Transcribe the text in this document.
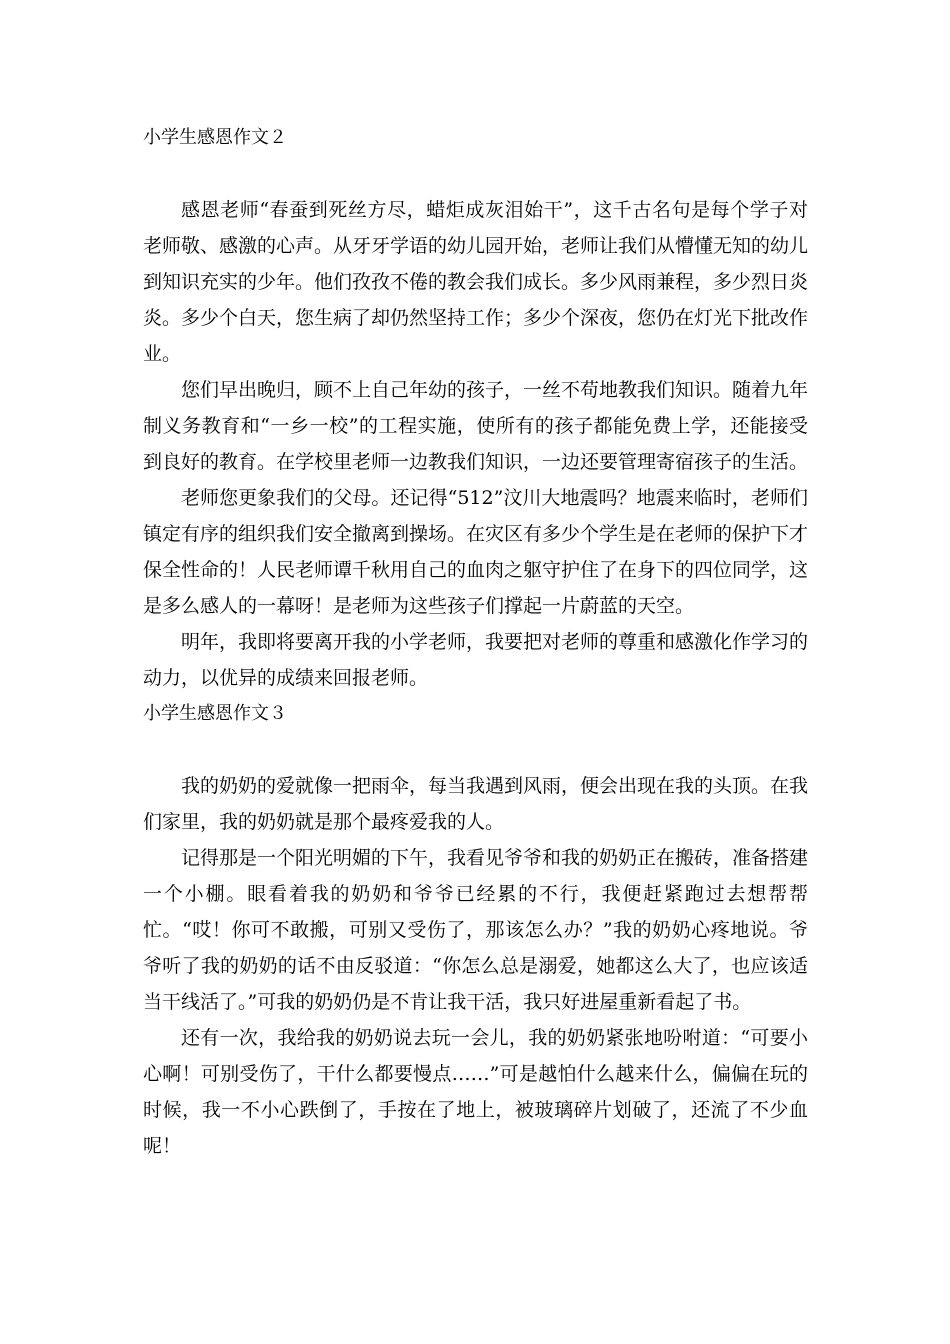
小学生感恩作文２

感恩老师“春蚕到死丝方尽，蜡炬成灰泪始干”，这千古名句是每个学子对老师敬、感激的心声。从牙牙学语的幼儿园开始，老师让我们从懵懂无知的幼儿到知识充实的少年。他们孜孜不倦的教会我们成长。多少风雨兼程，多少烈日炎炎。多少个白天，您生病了却仍然坚持工作；多少个深夜，您仍在灯光下批改作业。

您们早出晚归，顾不上自己年幼的孩子，一丝不苟地教我们知识。随着九年制义务教育和“一乡一校”的工程实施，使所有的孩子都能免费上学，还能接受到良好的教育。在学校里老师一边教我们知识，一边还要管理寄宿孩子的生活。

老师您更象我们的父母。还记得“512”汶川大地震吗？地震来临时，老师们镇定有序的组织我们安全撤离到操场。在灾区有多少个学生是在老师的保护下才保全性命的！人民老师谭千秋用自己的血肉之躯守护住了在身下的四位同学，这是多么感人的一幕呀！是老师为这些孩子们撑起一片蔚蓝的天空。

明年，我即将要离开我的小学老师，我要把对老师的尊重和感激化作学习的动力，以优异的成绩来回报老师。

小学生感恩作文３

我的奶奶的爱就像一把雨伞，每当我遇到风雨，便会出现在我的头顶。在我们家里，我的奶奶就是那个最疼爱我的人。

记得那是一个阳光明媚的下午，我看见爷爷和我的奶奶正在搬砖，准备搭建一个小棚。眼看着我的奶奶和爷爷已经累的不行，我便赶紧跑过去想帮帮忙。“哎！你可不敢搬，可别又受伤了，那该怎么办？”我的奶奶心疼地说。爷爷听了我的奶奶的话不由反驳道：“你怎么总是溺爱，她都这么大了，也应该适当干线活了。”可我的奶奶仍是不肯让我干活，我只好进屋重新看起了书。

还有一次，我给我的奶奶说去玩一会儿，我的奶奶紧张地吩咐道：“可要小心啊！可别受伤了，干什么都要慢点……”可是越怕什么越来什么，偏偏在玩的时候，我一不小心跌倒了，手按在了地上，被玻璃碎片划破了，还流了不少血呢！
